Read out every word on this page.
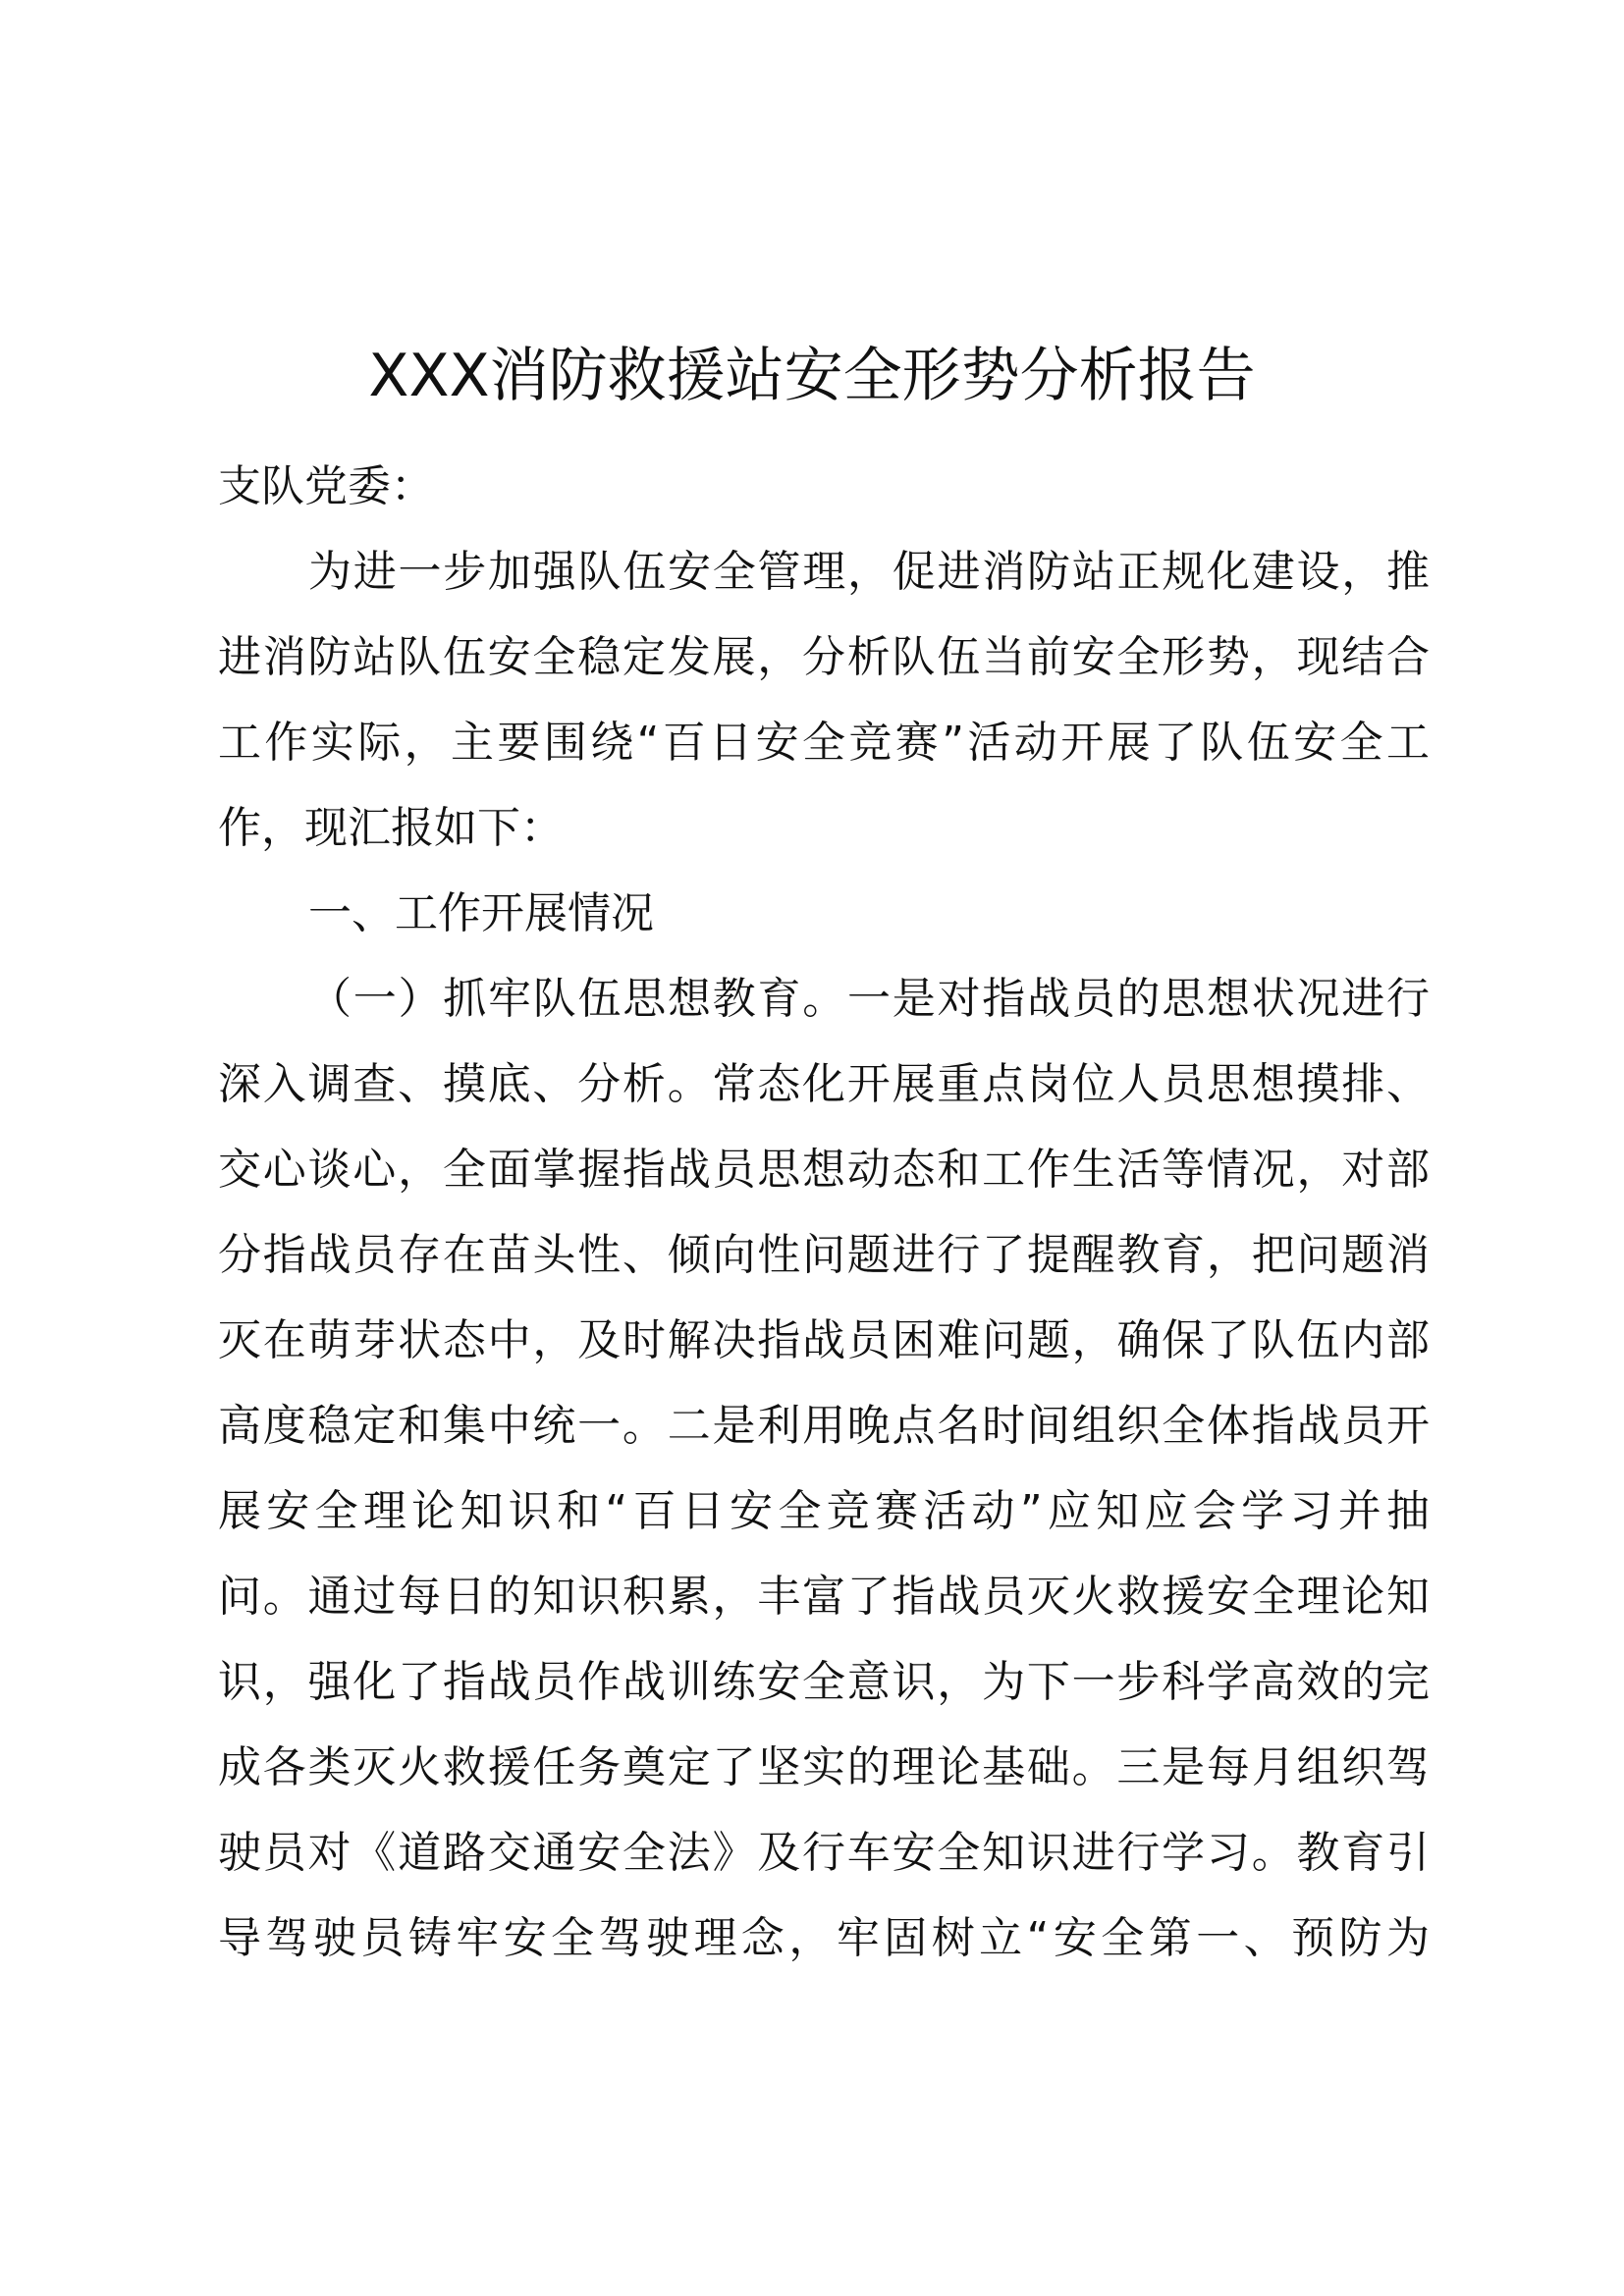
XXX消防救援站安全形势分析报告
支队党委：
为进一步加强队伍安全管理，促进消防站正规化建设，推
进消防站队伍安全稳定发展，分析队伍当前安全形势，现结合
工作实际，主要围绕“百日安全竞赛”活动开展了队伍安全工
作，现汇报如下：
一、工作开展情况
（一）抓牢队伍思想教育。一是对指战员的思想状况进行
深入调查、摸底、分析。常态化开展重点岗位人员思想摸排、
交心谈心，全面掌握指战员思想动态和工作生活等情况，对部
分指战员存在苗头性、倾向性问题进行了提醒教育，把问题消
灭在萌芽状态中，及时解决指战员困难问题，确保了队伍内部
高度稳定和集中统一。二是利用晚点名时间组织全体指战员开
展安全理论知识和“百日安全竞赛活动”应知应会学习并抽
问。通过每日的知识积累，丰富了指战员灭火救援安全理论知
识，强化了指战员作战训练安全意识，为下一步科学高效的完
成各类灭火救援任务奠定了坚实的理论基础。三是每月组织驾
驶员对《道路交通安全法》及行车安全知识进行学习。教育引
导驾驶员铸牢安全驾驶理念，牢固树立“安全第一、预防为
